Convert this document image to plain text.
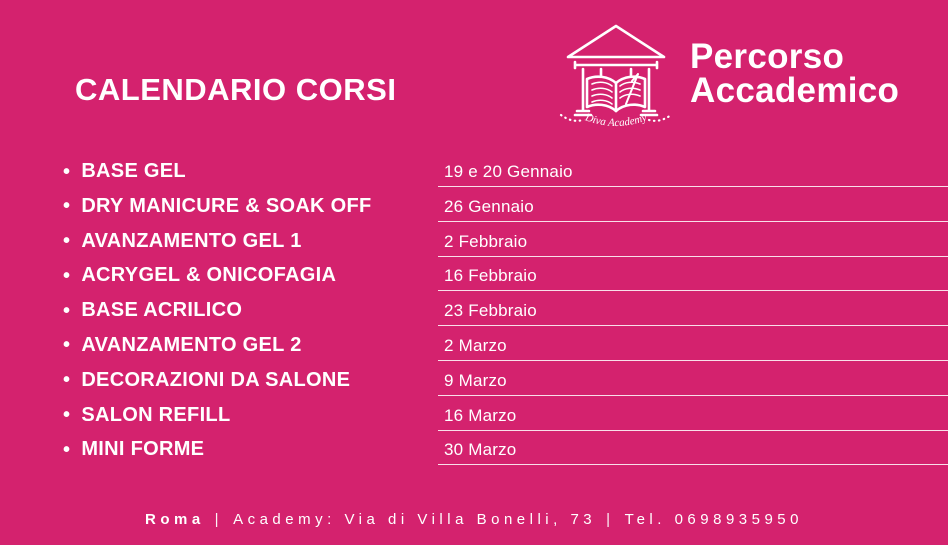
CALENDARIO CORSI
Diva Academy
Percorso
Accademico
• BASE GEL	19 e 20 Gennaio
• DRY MANICURE & SOAK OFF	26 Gennaio
• AVANZAMENTO GEL 1	2 Febbraio
• ACRYGEL & ONICOFAGIA	16 Febbraio
• BASE ACRILICO	23 Febbraio
• AVANZAMENTO GEL 2	2 Marzo
• DECORAZIONI DA SALONE	9 Marzo
• SALON REFILL	16 Marzo
• MINI FORME	30 Marzo
Roma | Academy: Via di Villa Bonelli, 73 | Tel. 0698935950
